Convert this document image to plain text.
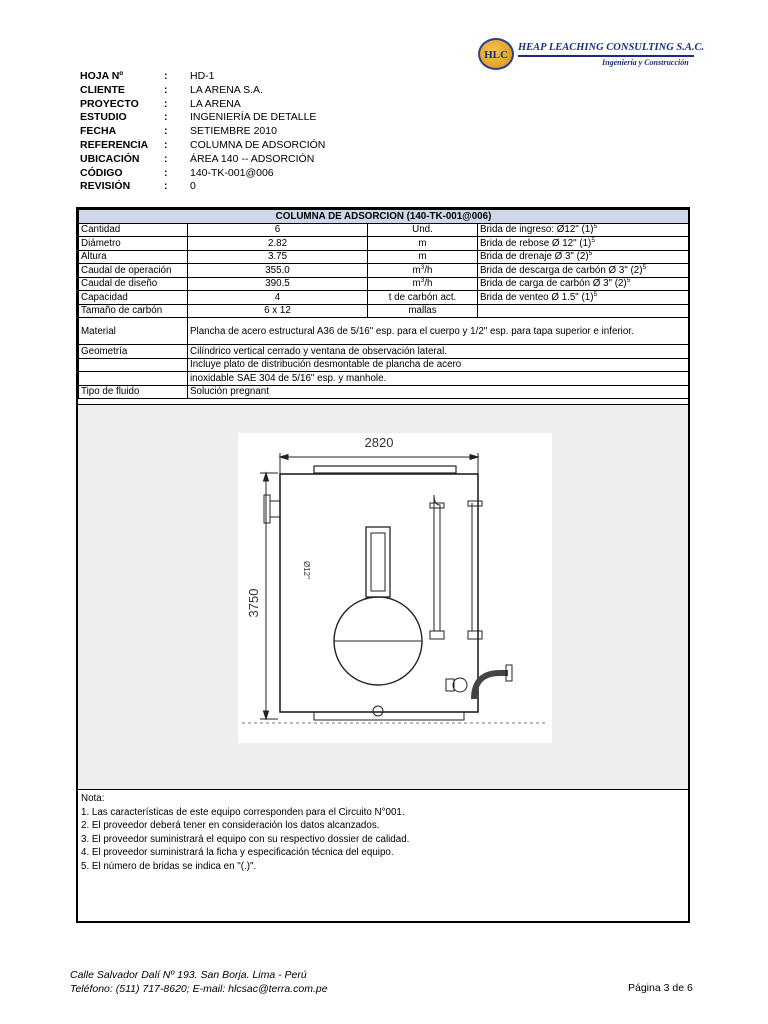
HLC
HEAP LEACHING CONSULTING S.A.C.
Ingeniería y Construcción
HOJA Nº	:	HD-1
CLIENTE	:	LA ARENA S.A.
PROYECTO	:	LA ARENA
ESTUDIO	:	INGENIERÍA DE DETALLE
FECHA	:	SETIEMBRE 2010
REFERENCIA	:	COLUMNA DE ADSORCIÓN
UBICACIÓN	:	ÁREA 140 -- ADSORCIÓN
CÓDIGO	:	140-TK-001@006
REVISIÓN	:	0
COLUMNA DE ADSORCION (140-TK-001@006)			
Cantidad	6	Und.	Brida de ingreso: Ø12" $(1)^5$
Diámetro	2.82	m	Brida de rebose Ø 12" $(1)^5$
Altura	3.75	m	Brida de drenaje Ø 3" $(2)^5$
Caudal de operación	355.0	$m^3/h$	Brida de descarga de carbón Ø 3" $(2)^5$
Caudal de diseño	390.5	$m^3/h$	Brida de carga de carbón Ø 3" $(2)^5$
Capacidad	4	t de carbón act.	Brida de venteo Ø 1.5" $(1)^5$
Tamaño de carbón	6 x 12	mallas	
Material	Plancha de acero estructural A36 de 5/16" esp. para el cuerpo y 1/2" esp. para tapa superior e inferior.		
Geometría	Cilíndrico vertical cerrado y ventana de observación lateral.		
	Incluye plato de distribución desmontable de plancha de acero		
	inoxidable SAE 304 de 5/16" esp. y manhole.		
Tipo de fluido	Solución pregnant		
2820
3750
Ø12"
Nota:
1. Las características de este equipo corresponden para el Circuito N°001.
2. El proveedor deberá tener en consideración los datos alcanzados.
3. El proveedor suministrará el equipo con su respectivo dossier de calidad.
4. El proveedor suministrará la ficha y especificación técnica del equipo.
5. El número de bridas se indica en "(.)".
Calle Salvador Dalí Nº 193. San Borja. Lima - Perú
Teléfono: (511) 717-8620; E-mail: hlcsac@terra.com.pe	Página 3 de 6
